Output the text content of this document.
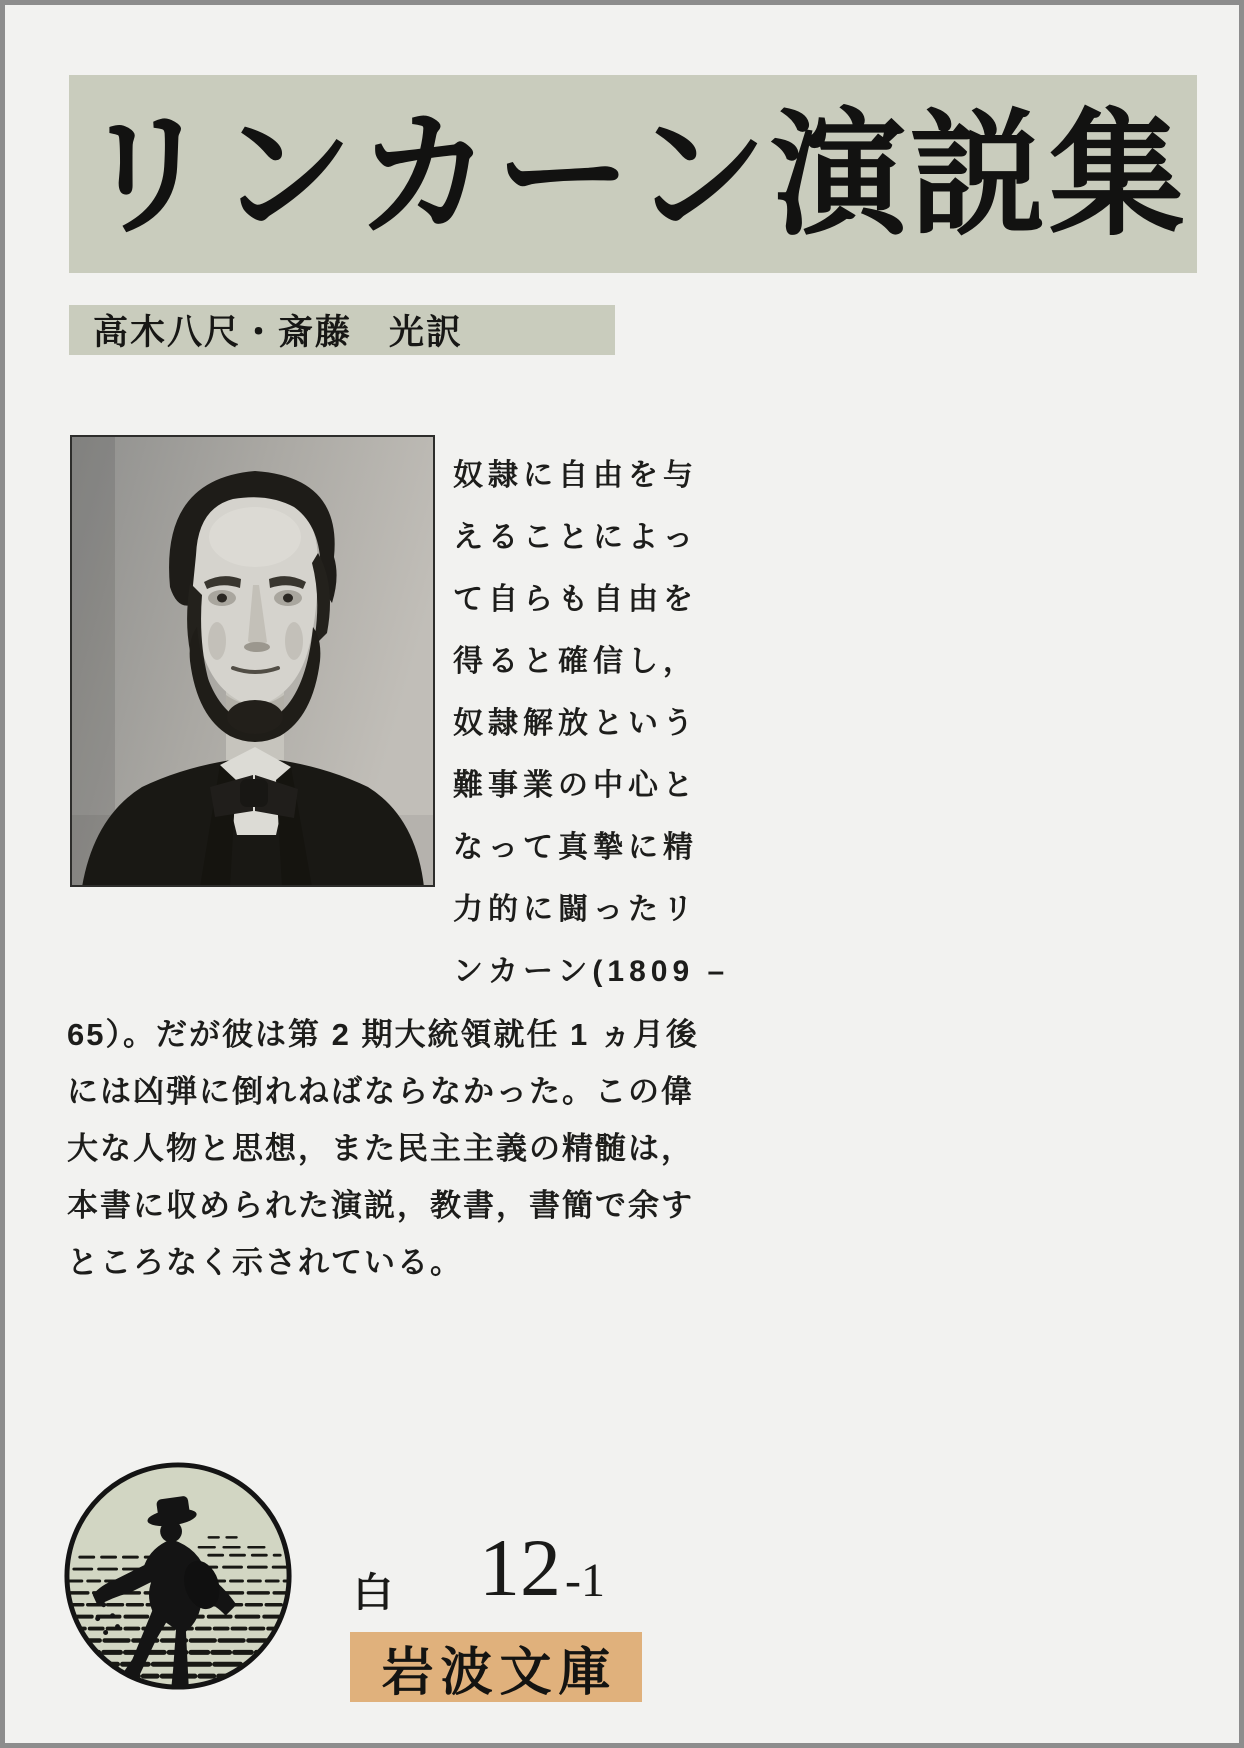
リンカーン演説集
高木八尺・斎藤　光訳
奴隷に自由を与
えることによっ
て自らも自由を
得ると確信し，
奴隷解放という
難事業の中心と
なって真摯に精
力的に闘ったリ
ンカーン(1809 –
65）。だが彼は第 2 期大統領就任 1 ヵ月後
には凶弾に倒れねばならなかった。この偉
大な人物と思想，また民主主義の精髄は，
本書に収められた演説，教書，書簡で余す
ところなく示されている。
白 12 -1
岩波文庫
